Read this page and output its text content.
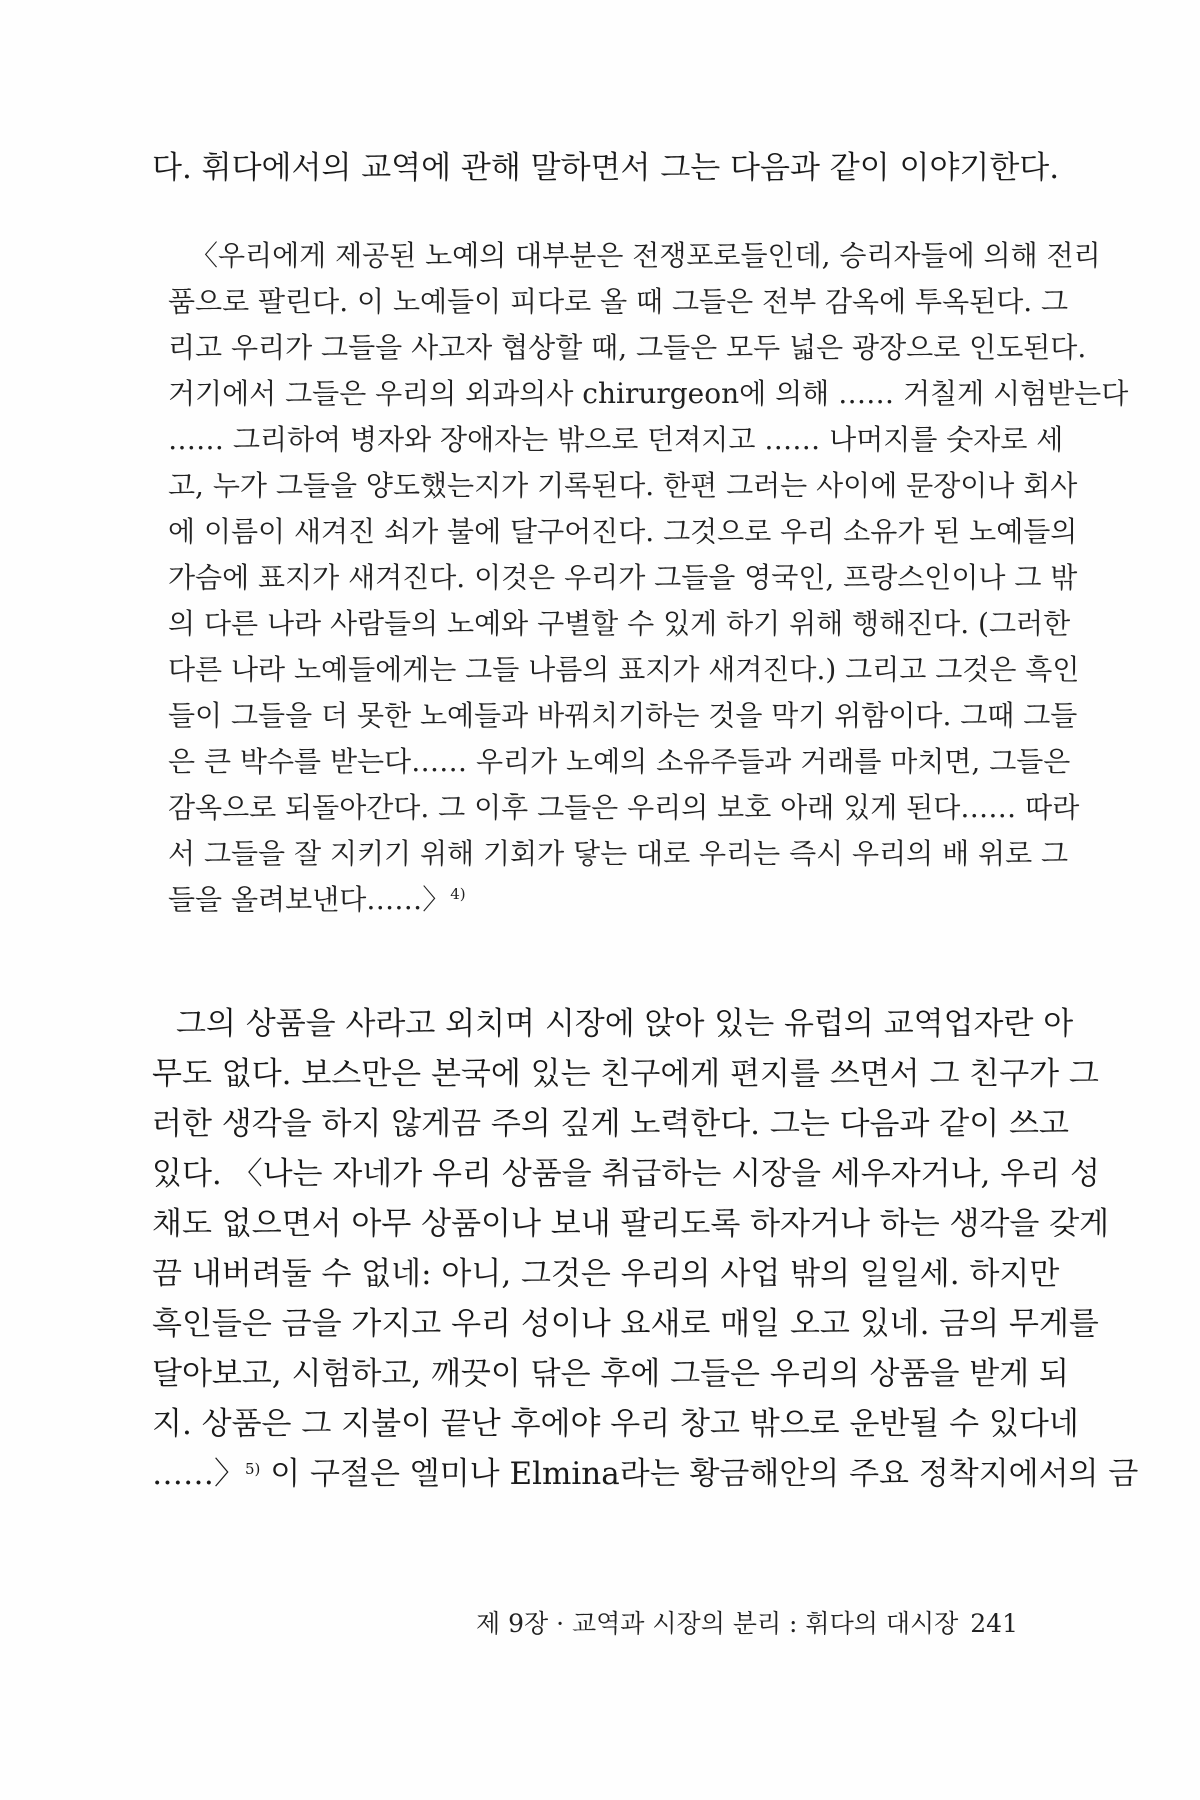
다. 휘다에서의 교역에 관해 말하면서 그는 다음과 같이 이야기한다.
〈우리에게 제공된 노예의 대부분은 전쟁포로들인데, 승리자들에 의해 전리
품으로 팔린다. 이 노예들이 피다로 올 때 그들은 전부 감옥에 투옥된다. 그
리고 우리가 그들을 사고자 협상할 때, 그들은 모두 넓은 광장으로 인도된다.
거기에서 그들은 우리의 외과의사 chirurgeon에 의해 …… 거칠게 시험받는다
…… 그리하여 병자와 장애자는 밖으로 던져지고 …… 나머지를 숫자로 세
고, 누가 그들을 양도했는지가 기록된다. 한편 그러는 사이에 문장이나 회사
에 이름이 새겨진 쇠가 불에 달구어진다. 그것으로 우리 소유가 된 노예들의
가슴에 표지가 새겨진다. 이것은 우리가 그들을 영국인, 프랑스인이나 그 밖
의 다른 나라 사람들의 노예와 구별할 수 있게 하기 위해 행해진다. (그러한
다른 나라 노예들에게는 그들 나름의 표지가 새겨진다.) 그리고 그것은 흑인
들이 그들을 더 못한 노예들과 바꿔치기하는 것을 막기 위함이다. 그때 그들
은 큰 박수를 받는다…… 우리가 노예의 소유주들과 거래를 마치면, 그들은
감옥으로 되돌아간다. 그 이후 그들은 우리의 보호 아래 있게 된다…… 따라
서 그들을 잘 지키기 위해 기회가 닿는 대로 우리는 즉시 우리의 배 위로 그
들을 올려보낸다……〉$^{4)}$
그의 상품을 사라고 외치며 시장에 앉아 있는 유럽의 교역업자란 아
무도 없다. 보스만은 본국에 있는 친구에게 편지를 쓰면서 그 친구가 그
러한 생각을 하지 않게끔 주의 깊게 노력한다. 그는 다음과 같이 쓰고
있다. 〈나는 자네가 우리 상품을 취급하는 시장을 세우자거나, 우리 성
채도 없으면서 아무 상품이나 보내 팔리도록 하자거나 하는 생각을 갖게
끔 내버려둘 수 없네: 아니, 그것은 우리의 사업 밖의 일일세. 하지만
흑인들은 금을 가지고 우리 성이나 요새로 매일 오고 있네. 금의 무게를
달아보고, 시험하고, 깨끗이 닦은 후에 그들은 우리의 상품을 받게 되
지. 상품은 그 지불이 끝난 후에야 우리 창고 밖으로 운반될 수 있다네
……〉$^{5)}$ 이 구절은 엘미나 Elmina라는 황금해안의 주요 정착지에서의 금
제 9장 · 교역과 시장의 분리 : 휘다의 대시장 241
